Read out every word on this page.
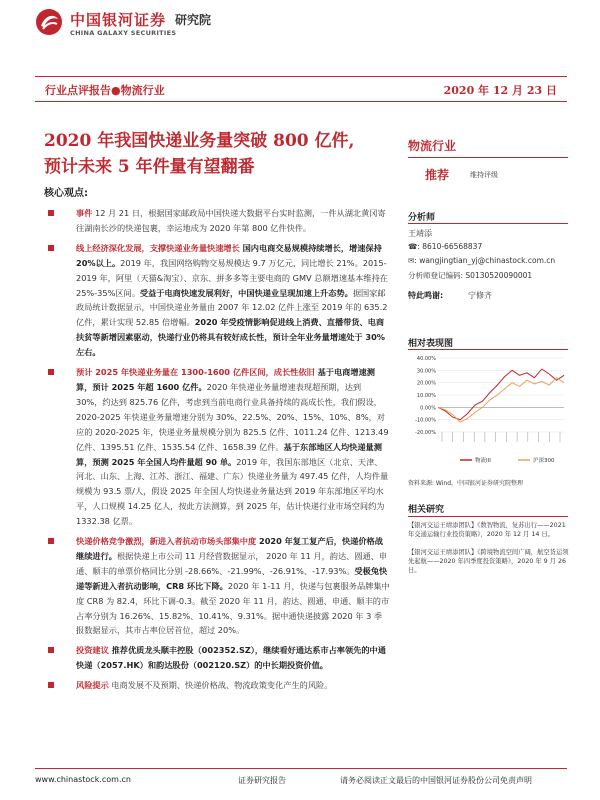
中国银河证券 研究院
CHINA GALAXY SECURITIES
行业点评报告●物流行业	2020 年 12 月 23 日
2020 年我国快递业务量突破 800 亿件,
预计未来 5 年件量有望翻番
核心观点:
事件 12 月 21 日，根据国家邮政局中国快递大数据平台实时监测，一件从湖北黄冈寄往湖南长沙的快递包裹，幸运地成为 2020 年第 800 亿件快件。
线上经济深化发展，支撑快递业务量快速增长 国内电商交易规模持续增长，增速保持 20%以上。2019 年，我国网络购物交易规模达 9.7 万亿元，同比增长 21%。2015-2019 年，阿里（天猫&淘宝）、京东、拼多多等主要电商的 GMV 总额增速基本维持在 25%-35%区间。受益于电商快速发展利好，中国快递业呈现加速上升态势。据国家邮政局统计数据显示，中国快递业务量由 2007 年 12.02 亿件上涨至 2019 年的 635.2 亿件，累计实现 52.85 倍增幅。2020 年受疫情影响促进线上消费、直播带货、电商扶贫等新增因素驱动，快递行业仍将具有较好成长性，预计全年业务量增速处于 30%左右。
预计 2025 年快递业务量在 1300-1600 亿件区间，成长性依旧 基于电商增速测算，预计 2025 年超 1600 亿件。2020 年快递业务量增速表现超预期，达到 30%，约达到 825.76 亿件，考虑到当前电商行业具备持续的高成长性，我们假设，2020-2025 年快递业务量增速分别为 30%、22.5%、20%、15%、10%、8%，对应的 2020-2025 年，快递业务量规模分别为 825.5 亿件、1011.24 亿件、1213.49 亿件、1395.51 亿件、1535.54 亿件、1658.39 亿件。基于东部地区人均快递量测算，预测 2025 年全国人均件量超 90 单。2019 年，我国东部地区（北京、天津、河北、山东、上海、江苏、浙江、福建、广东）快递业务量为 497.45 亿件，人均件量规模为 93.5 票/人，假设 2025 年全国人均快递业务量达到 2019 年东部地区平均水平，人口规模 14.25 亿人，按此方法测算，到 2025 年，估计快递行业市场空间约为 1332.38 亿票。
快递价格竞争激烈，新进入者抗动市场头部集中度 2020 年复工复产后，快递价格战继续进行。根据快递上市公司 11 月经营数据显示， 2020 年 11 月，韵达、圆通、申通、顺丰的单票价格同比分别 -28.66%、-21.99%、-26.91%、-17.93%。受极兔快递等新进入者抗动影响，CR8 环比下降。2020 年 1-11 月，快递与包裹服务品牌集中度 CR8 为 82.4，环比下调-0.3。截至 2020 年 11 月，韵达、圆通、申通、顺丰的市占率分别为 16.26%、15.82%、10.41%、9.31%。据中通快递披露 2020 年 3 季报数据显示，其市占率位居首位，超过 20%。
投资建议 推荐优质龙头顺丰控股（002352.SZ），继续看好通达系市占率领先的中通快递（2057.HK）和韵达股份（002120.SZ）的中长期投资价值。
风险提示 电商发展不及预期、快递价格战、物流政策变化产生的风险。
物流行业
推荐	维持评级
分析师
王靖添
☎: 8610-66568837
✉: wangjingtian_yj@chinastock.com.cn
分析师登记编码: S0130520090001
特此鸣谢:	宁修齐
相对表现图
40.00%
30.00%
20.00%
10.00%
0.00%
-10.00%
-20.00%
物流III	沪深300
资料来源: Wind，中国银河证券研究院整理
相关研究
【银河交运王靖添团队】《数智物流，复苏出行——2021 年交通运输行业投资策略》，2020 年 12 月 14 日。
【银河交运王靖添团队】《跨境物流空间广阔，航空货运领先起航——2020 年四季度投资策略》，2020 年 9 月 26 日。
www.chinastock.com.cn	证券研究报告	请务必阅读正文最后的中国银河证券股份公司免责声明
